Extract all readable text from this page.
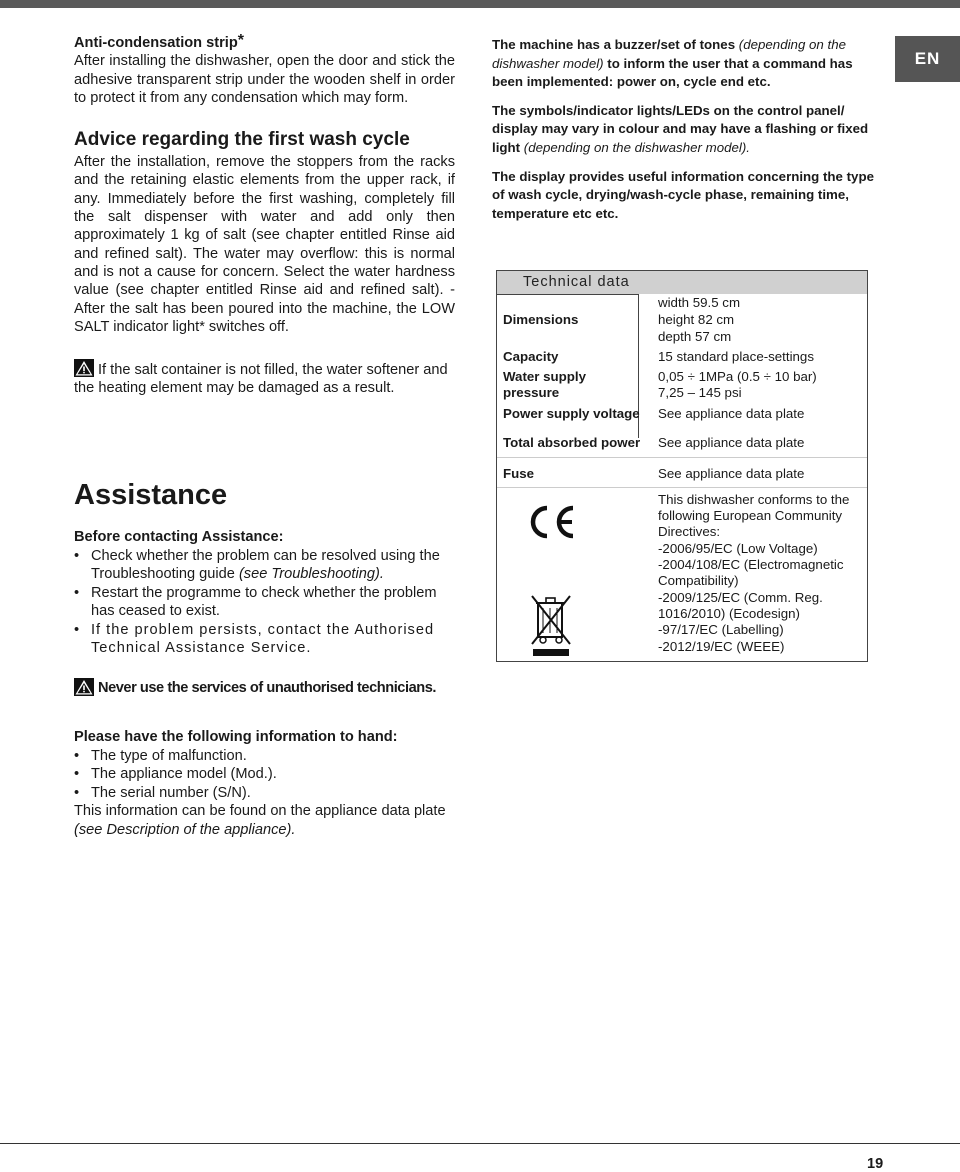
EN

Anti-condensation strip*

After installing the dishwasher, open the door and stick the adhesive transparent strip under the wooden shelf in order to protect it from any condensation which may form.

Advice regarding the first wash cycle

After the installation, remove the stoppers from the racks and the retaining elastic elements from the upper rack, if any. Immediately before the first washing, completely fill the salt dispenser with water and add only then approximately 1 kg of salt (see chapter entitled Rinse aid and refined salt). The water may overflow: this is normal and is not a cause for concern. Select the water hardness value (see chapter entitled Rinse aid and refined salt). - After the salt has been poured into the machine, the LOW SALT indicator light* switches off.

If the salt container is not filled, the water softener and the heating element may be damaged as a result.

Assistance

Before contacting Assistance:

• Check whether the problem can be resolved using the Troubleshooting guide (see Troubleshooting).
• Restart the programme to check whether the problem has ceased to exist.
• If the problem persists, contact the Authorised Technical Assistance Service.
Never use the services of unauthorised technicians.

Please have the following information to hand:

• The type of malfunction.
• The appliance model (Mod.).
• The serial number (S/N).

This information can be found on the appliance data plate
(see Description of the appliance).

The machine has a buzzer/set of tones (depending on the dishwasher model) to inform the user that a command has been implemented: power on, cycle end etc.

The symbols/indicator lights/LEDs on the control panel/ display may vary in colour and may have a flashing or fixed light (depending on the dishwasher model).

The display provides useful information concerning the type of wash cycle, drying/wash-cycle phase, remaining time, temperature etc etc.

Technical data
Dimensions
width 59.5 cm
height 82 cm
depth 57 cm
Capacity	15 standard place-settings
Water supply
pressure
0,05 ÷ 1MPa (0.5 ÷ 10 bar)
7,25 – 145 psi
Power supply voltage See appliance data plate
Total absorbed power See appliance data plate
Fuse	See appliance data plate
This dishwasher conforms to the
following European Community
Directives:
-2006/95/EC (Low Voltage)
-2004/108/EC (Electromagnetic
Compatibility)
-2009/125/EC (Comm. Reg.
1016/2010) (Ecodesign)
-97/17/EC (Labelling)
-2012/19/EC (WEEE)
19
